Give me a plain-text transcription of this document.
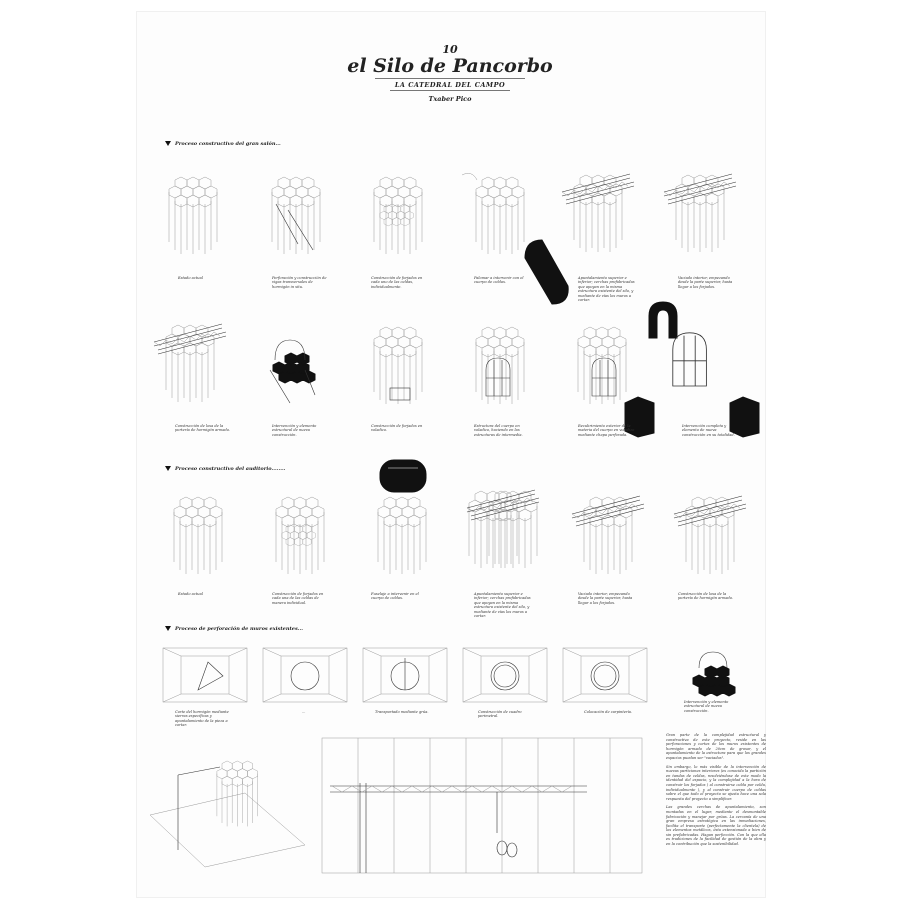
10
el Silo de Pancorbo
LA CATEDRAL DEL CAMPO
Txaber Pico
Proceso constructivo del gran salón...
Proceso constructivo del auditorio........
Proceso de perforación de muros existentes...
Estado actual	Perforación y construcción de vigas transversales de hormigón in situ.
Construcción de forjados en cada uno de las celdas, individualmente.
Palomar a intervenir con el cuerpo de celdas.
Apuntalamiento superior e inferior; cerchas prefabricadas que apoyan en la misma estructura existente del silo, y mediante de vías los muros a cortar.
Vaciado interior, empezando desde la parte superior, hasta llegar a los forjados.
Construcción de losa de la portería de hormigón armado.
Intervención y elemento estructural de nueva construcción.
Construcción de forjados en voladizo.
Estructura del cuerpo en voladizo, haciendo en las estructuras de intermedia.
Recubrimiento exterior de la materia del cuerpo en voladizo mediante chapa perforada.
Intervención completa y elemento de nueva construcción en su totalidad.
Estado actual	Construcción de forjados en cada una de las celdas de manera individual.
Fuselaje a intervenir en el cuerpo de celdas.
Apuntalamiento superior e inferior; cerchas prefabricadas que apoyan en la misma estructura existente del silo, y mediante de vías los muros a cortar.
Vaciado interior, empezando desde la parte superior, hasta llegar a los forjados.
Construcción de losa de la portería de hormigón armado.
Corte del hormigón mediante sierras específicas y apuntalamiento de la pieza a cortar.
...	Transportado mediante grúa.	Construcción de cuadro perimetral.
Colocación de carpintería.
Intervención y elemento estructural de nueva construcción.

Gran parte de la complejidad estructural y constructiva de este proyecto, reside en las perforaciones y cortes de los muros existentes de hormigón armado de 20cm de grosor, y el apuntalamiento de la estructura para que los grandes espacios puedan ser "vaciados".

Sin embargo, lo más visible de la intervención de nuevas particiones interiores (es conocida la partición en tandas de celdas, resolviéndose de este modo la identidad del espacio, y la complejidad a la hora de construir los forjados ) al construirse celda por celda, individualmente ), y al construir cuerpo de celdas sobre el que todo el proyecto se ajusta hace una sola respuesta del proyecto a simplificar.

Las grandes cerchas de apuntalamiento, son montadas en el lugar, mediante el desmontable fabricación y manejar por grúas. La cercanía de una gran empresa estratégica en las inmediaciones, facilita el transporte (perfectamente la clientela) de los elementos metálicos, ésta extensionada a bien de sin prefabricadas. Hagan perfección. Con la que ella es tradiciones de la facilidad de gestión de la obra y en la contribución que la sostenibilidad.
